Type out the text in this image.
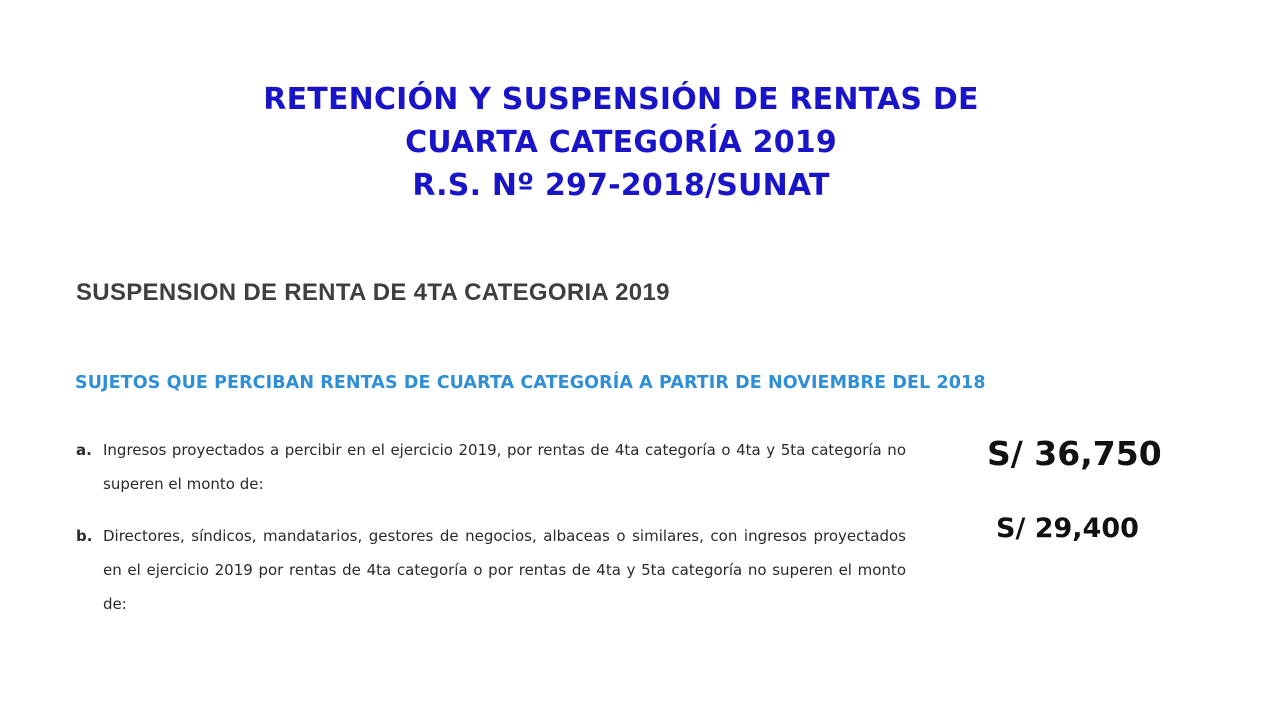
RETENCIÓN Y SUSPENSIÓN DE RENTAS DE
CUARTA CATEGORÍA 2019
R.S. Nº 297-2018/SUNAT
SUSPENSION DE RENTA DE 4TA CATEGORIA 2019
SUJETOS QUE PERCIBAN RENTAS DE CUARTA CATEGORÍA A PARTIR DE NOVIEMBRE DEL 2018
a. Ingresos proyectados a percibir en el ejercicio 2019, por rentas de 4ta categoría o 4ta y 5ta categoría no superen el monto de:
b. Directores, síndicos, mandatarios, gestores de negocios, albaceas o similares, con ingresos proyectados en el ejercicio 2019 por rentas de 4ta categoría o por rentas de 4ta y 5ta categoría no superen el monto de:
S/ 36,750
S/ 29,400
